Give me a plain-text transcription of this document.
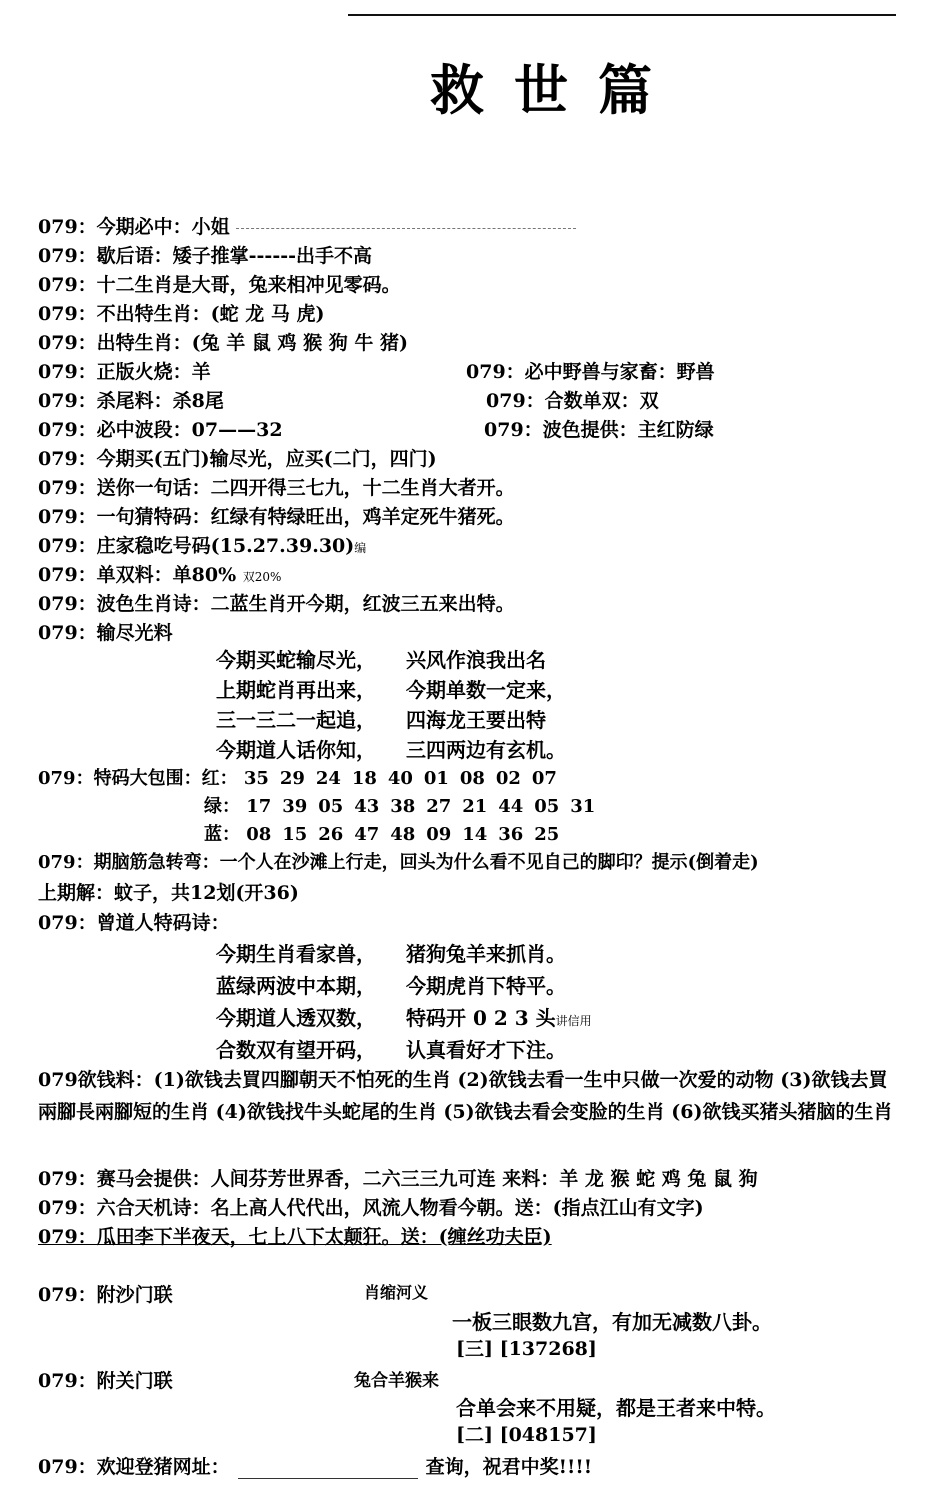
救世篇
079：今期必中：小姐
079：歇后语：矮子推掌------出手不高
079：十二生肖是大哥，兔来相冲见零码。
079：不出特生肖：(蛇 龙 马 虎)
079：出特生肖：(兔 羊 鼠 鸡 猴 狗 牛 猪)
079：正版火烧：羊	079：必中野兽与家畜：野兽
079：杀尾料：杀8尾	079：合数单双：双
079：必中波段：07——32	079：波色提供：主红防绿
079：今期买(五门)输尽光，应买(二门，四门)
079：送你一句话：二四开得三七九，十二生肖大者开。
079：一句猜特码：红绿有特绿旺出，鸡羊定死牛猪死。
079：庄家稳吃号码(15.27.39.30)编
079：单双料：单80% 双20%
079：波色生肖诗：二蓝生肖开今期，红波三五来出特。
079：输尽光料
今期买蛇输尽光， 兴风作浪我出名
上期蛇肖再出来， 今期单数一定来，
三一三二一起追， 四海龙王要出特
今期道人话你知， 三四两边有玄机。
079：特码大包围：红： 35 29 24 18 40 01 08 02 07
绿： 17 39 05 43 38 27 21 44 05 31
蓝： 08 15 26 47 48 09 14 36 25
079：期脑筋急转弯：一个人在沙滩上行走，回头为什么看不见自己的脚印？提示(倒着走)
上期解：蚊子，共12划(开36)
079：曾道人特码诗：
今期生肖看家兽， 猪狗兔羊来抓肖。
蓝绿两波中本期， 今期虎肖下特平。
今期道人透双数， 特码开 0 2 3 头讲信用
合数双有望开码， 认真看好才下注。
079欲钱料：(1)欲钱去買四腳朝天不怕死的生肖 (2)欲钱去看一生中只做一次爱的动物 (3)欲钱去買兩腳長兩腳短的生肖 (4)欲钱找牛头蛇尾的生肖 (5)欲钱去看会变脸的生肖 (6)欲钱买猪头猪脑的生肖
079：赛马会提供：人间芬芳世界香，二六三三九可连 来料：羊 龙 猴 蛇 鸡 兔 鼠 狗
079：六合天机诗：名上高人代代出，风流人物看今朝。送：(指点江山有文字)
079：瓜田李下半夜天，七上八下太颠狂。送：(缠丝功夫臣)
079：附沙门联	肖缩河义
一板三眼数九宫，有加无减数八卦。
[三] [137268]
079：附关门联	兔合羊猴来
合单会来不用疑，都是王者来中特。
[二] [048157]
079：欢迎登猪网址：	查询，祝君中奖!!!!
